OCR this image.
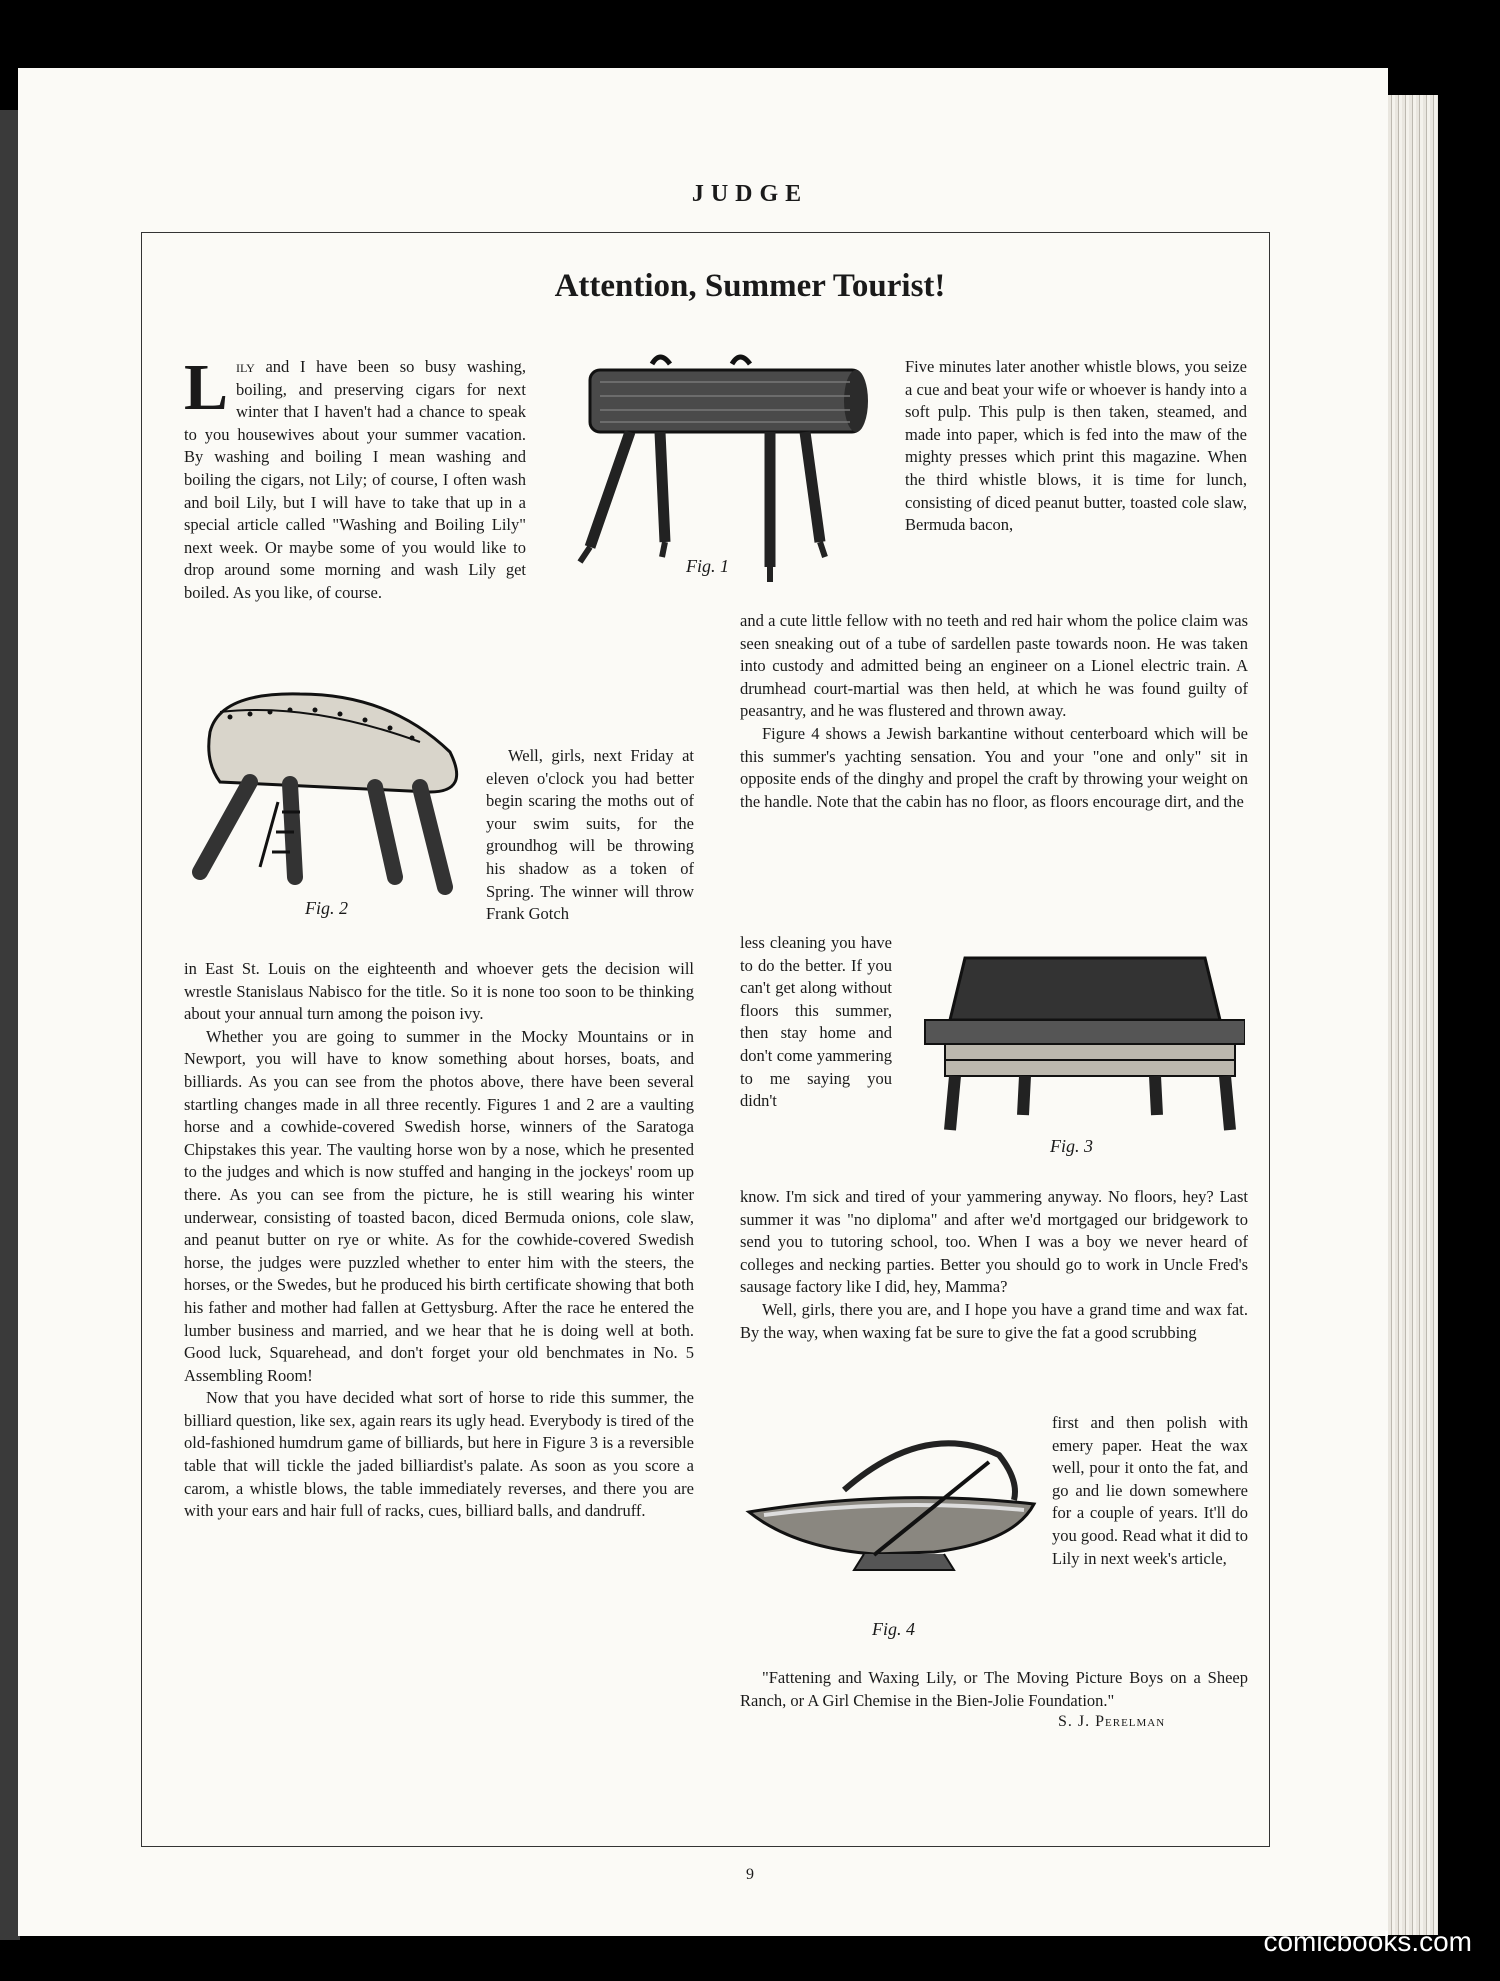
JUDGE
Attention, Summer Tourist!

Lily and I have been so busy washing, boiling, and preserving cigars for next winter that I haven't had a chance to speak to you housewives about your summer vacation. By washing and boiling I mean washing and boiling the cigars, not Lily; of course, I often wash and boil Lily, but I will have to take that up in a special article called "Washing and Boiling Lily" next week. Or maybe some of you would like to drop around some morning and wash Lily get boiled. As you like, of course.

Well, girls, next Friday at eleven o'clock you had better begin scaring the moths out of your swim suits, for the groundhog will be throwing his shadow as a token of Spring. The winner will throw Frank Gotch

in East St. Louis on the eighteenth and whoever gets the decision will wrestle Stanislaus Nabisco for the title. So it is none too soon to be thinking about your annual turn among the poison ivy.

Whether you are going to summer in the Mocky Mountains or in Newport, you will have to know something about horses, boats, and billiards. As you can see from the photos above, there have been several startling changes made in all three recently. Figures 1 and 2 are a vaulting horse and a cowhide-covered Swedish horse, winners of the Saratoga Chipstakes this year. The vaulting horse won by a nose, which he presented to the judges and which is now stuffed and hanging in the jockeys' room up there. As you can see from the picture, he is still wearing his winter underwear, consisting of toasted bacon, diced Bermuda onions, cole slaw, and peanut butter on rye or white. As for the cowhide-covered Swedish horse, the judges were puzzled whether to enter him with the steers, the horses, or the Swedes, but he produced his birth certificate showing that both his father and mother had fallen at Gettysburg. After the race he entered the lumber business and married, and we hear that he is doing well at both. Good luck, Squarehead, and don't forget your old benchmates in No. 5 Assembling Room!

Now that you have decided what sort of horse to ride this summer, the billiard question, like sex, again rears its ugly head. Everybody is tired of the old-fashioned humdrum game of billiards, but here in Figure 3 is a reversible table that will tickle the jaded billiardist's palate. As soon as you score a carom, a whistle blows, the table immediately reverses, and there you are with your ears and hair full of racks, cues, billiard balls, and dandruff.

Five minutes later another whistle blows, you seize a cue and beat your wife or whoever is handy into a soft pulp. This pulp is then taken, steamed, and made into paper, which is fed into the maw of the mighty presses which print this magazine. When the third whistle blows, it is time for lunch, consisting of diced peanut butter, toasted cole slaw, Bermuda bacon,

and a cute little fellow with no teeth and red hair whom the police claim was seen sneaking out of a tube of sardellen paste towards noon. He was taken into custody and admitted being an engineer on a Lionel electric train. A drumhead court-martial was then held, at which he was found guilty of peasantry, and he was flustered and thrown away.

Figure 4 shows a Jewish barkantine without centerboard which will be this summer's yachting sensation. You and your "one and only" sit in opposite ends of the dinghy and propel the craft by throwing your weight on the handle. Note that the cabin has no floor, as floors encourage dirt, and the

less cleaning you have to do the better. If you can't get along without floors this summer, then stay home and don't come yammering to me saying you didn't

know. I'm sick and tired of your yammering anyway. No floors, hey? Last summer it was "no diploma" and after we'd mortgaged our bridgework to send you to tutoring school, too. When I was a boy we never heard of colleges and necking parties. Better you should go to work in Uncle Fred's sausage factory like I did, hey, Mamma?

Well, girls, there you are, and I hope you have a grand time and wax fat. By the way, when waxing fat be sure to give the fat a good scrubbing

first and then polish with emery paper. Heat the wax well, pour it onto the fat, and go and lie down somewhere for a couple of years. It'll do you good. Read what it did to Lily in next week's article,

"Fattening and Waxing Lily, or The Moving Picture Boys on a Sheep Ranch, or A Girl Chemise in the Bien-Jolie Foundation."

S. J. Perelman
Fig. 1
Fig. 2
Fig. 3
Fig. 4
9
comicbooks.com
